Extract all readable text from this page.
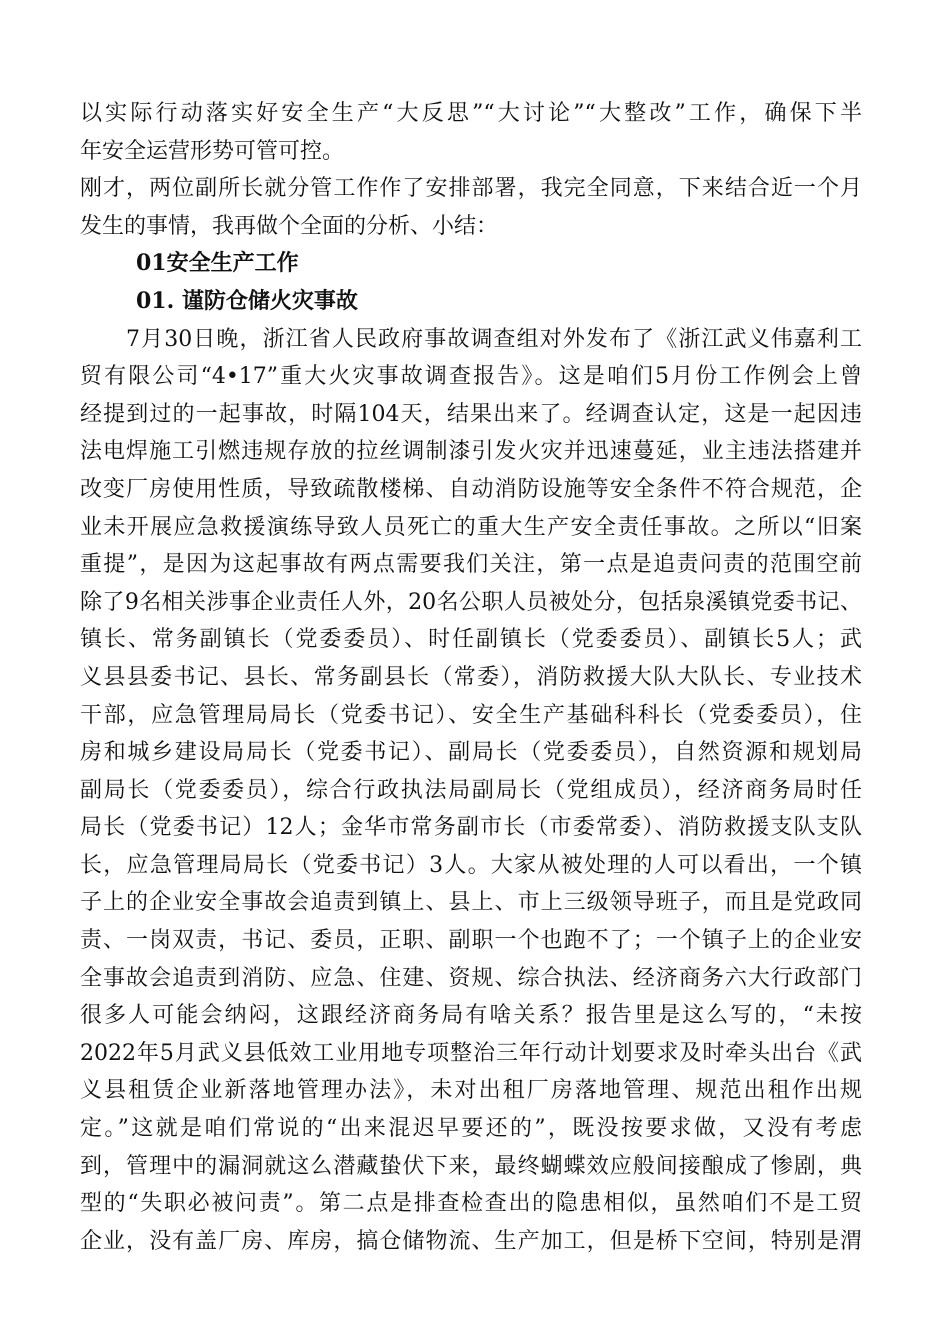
以实际行动落实好安全生产“大反思”“大讨论”“大整改”工作，确保下半
年安全运营形势可管可控。
刚才，两位副所长就分管工作作了安排部署，我完全同意，下来结合近一个月
发生的事情，我再做个全面的分析、小结：
01安全生产工作
01. 谨防仓储火灾事故
7月30日晚，浙江省人民政府事故调查组对外发布了《浙江武义伟嘉利工
贸有限公司“4•17”重大火灾事故调查报告》。这是咱们5月份工作例会上曾
经提到过的一起事故，时隔104天，结果出来了。经调查认定，这是一起因违
法电焊施工引燃违规存放的拉丝调制漆引发火灾并迅速蔓延，业主违法搭建并
改变厂房使用性质，导致疏散楼梯、自动消防设施等安全条件不符合规范，企
业未开展应急救援演练导致人员死亡的重大生产安全责任事故。之所以“旧案
重提”，是因为这起事故有两点需要我们关注，第一点是追责问责的范围空前
除了9名相关涉事企业责任人外，20名公职人员被处分，包括泉溪镇党委书记、
镇长、常务副镇长（党委委员）、时任副镇长（党委委员）、副镇长5人；武
义县县委书记、县长、常务副县长（常委），消防救援大队大队长、专业技术
干部，应急管理局局长（党委书记）、安全生产基础科科长（党委委员），住
房和城乡建设局局长（党委书记）、副局长（党委委员），自然资源和规划局
副局长（党委委员），综合行政执法局副局长（党组成员），经济商务局时任
局长（党委书记）12人；金华市常务副市长（市委常委）、消防救援支队支队
长，应急管理局局长（党委书记）3人。大家从被处理的人可以看出，一个镇
子上的企业安全事故会追责到镇上、县上、市上三级领导班子，而且是党政同
责、一岗双责，书记、委员，正职、副职一个也跑不了；一个镇子上的企业安
全事故会追责到消防、应急、住建、资规、综合执法、经济商务六大行政部门
很多人可能会纳闷，这跟经济商务局有啥关系？报告里是这么写的，“未按
2022年5月武义县低效工业用地专项整治三年行动计划要求及时牵头出台《武
义县租赁企业新落地管理办法》，未对出租厂房落地管理、规范出租作出规
定。”这就是咱们常说的“出来混迟早要还的”，既没按要求做，又没有考虑
到，管理中的漏洞就这么潜藏蛰伏下来，最终蝴蝶效应般间接酿成了惨剧，典
型的“失职必被问责”。第二点是排查检查出的隐患相似，虽然咱们不是工贸
企业，没有盖厂房、库房，搞仓储物流、生产加工，但是桥下空间，特别是渭
